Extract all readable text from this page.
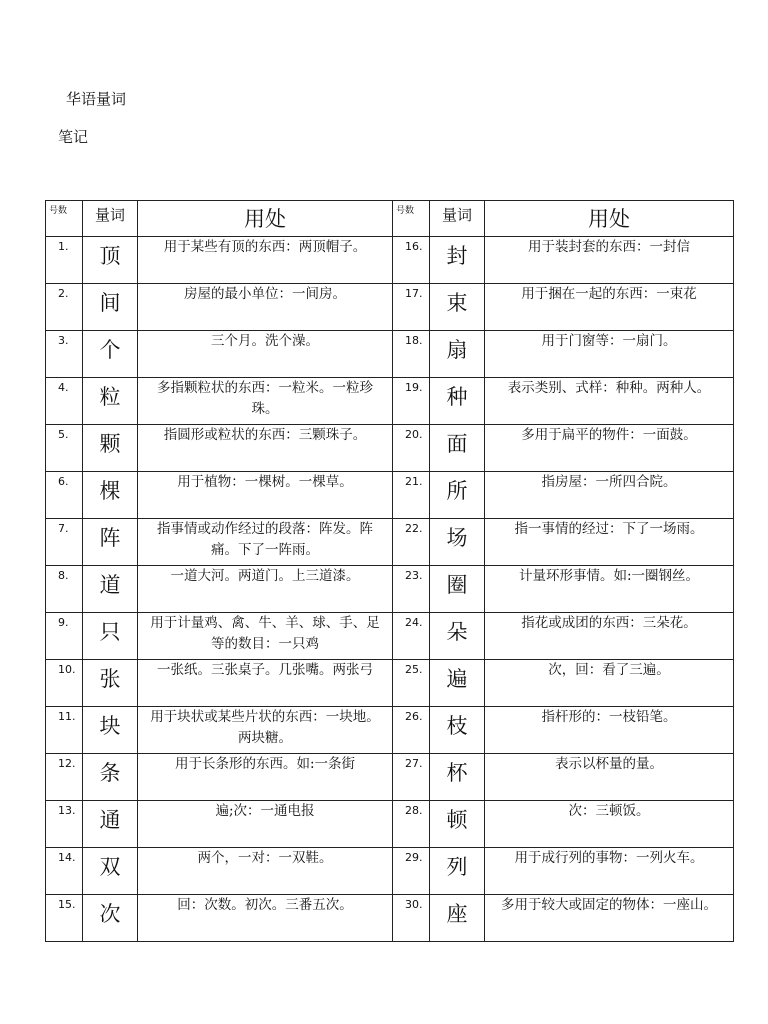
华语量词
笔记
号数	量词	用处	号数	量词	用处
1.	顶	用于某些有顶的东西：两顶帽子。	16.	封	用于装封套的东西：一封信
2.	间	房屋的最小单位：一间房。	17.	束	用于捆在一起的东西：一束花
3.	个	三个月。洗个澡。	18.	扇	用于门窗等：一扇门。
4.	粒	多指颗粒状的东西：一粒米。一粒珍珠。	19.	种	表示类别、式样：种种。两种人。
5.	颗	指圆形或粒状的东西：三颗珠子。	20.	面	多用于扁平的物件：一面鼓。
6.	棵	用于植物：一棵树。一棵草。	21.	所	指房屋：一所四合院。
7.	阵	指事情或动作经过的段落：阵发。阵痛。下了一阵雨。	22.	场	指一事情的经过：下了一场雨。
8.	道	一道大河。两道门。上三道漆。	23.	圈	计量环形事情。如:一圈钢丝。
9.	只	用于计量鸡、禽、牛、羊、球、手、足等的数目：一只鸡	24.	朵	指花或成团的东西：三朵花。
10.	张	一张纸。三张桌子。几张嘴。两张弓	25.	遍	次，回：看了三遍。
11.	块	用于块状或某些片状的东西：一块地。两块糖。	26.	枝	指杆形的：一枝铅笔。
12.	条	用于长条形的东西。如:一条街	27.	杯	表示以杯量的量。
13.	通	遍;次：一通电报	28.	顿	次：三顿饭。
14.	双	两个，一对：一双鞋。	29.	列	用于成行列的事物：一列火车。
15.	次	回：次数。初次。三番五次。	30.	座	多用于较大或固定的物体：一座山。
